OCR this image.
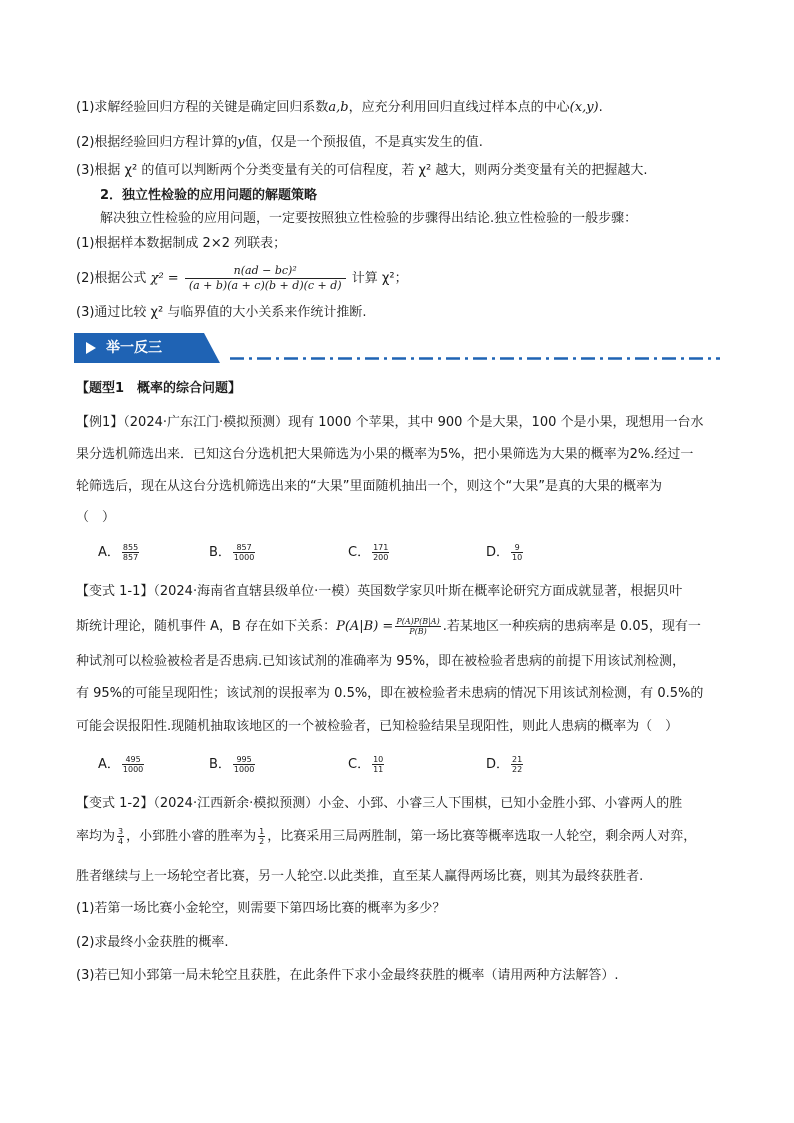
(1)求解经验回归方程的关键是确定回归系数a,b，应充分利用回归直线过样本点的中心(x,y).
(2)根据经验回归方程计算的y值，仅是一个预报值，不是真实发生的值.
(3)根据 χ² 的值可以判断两个分类变量有关的可信程度，若 χ² 越大，则两分类变量有关的把握越大.
2．独立性检验的应用问题的解题策略
解决独立性检验的应用问题，一定要按照独立性检验的步骤得出结论.独立性检验的一般步骤：
(1)根据样本数据制成 2×2 列联表；
(2)根据公式 $\chi^2 = \frac{\text{n(ad − bc)²}}{(a + b)(a + c)(b + d)(c + d)}$ 计算 χ²；
(3)通过比较 χ² 与临界值的大小关系来作统计推断.
举一反三
【题型1　概率的综合问题】
【例1】（2024·广东江门·模拟预测）现有 1000 个苹果，其中 900 个是大果，100 个是小果，现想用一台水
果分选机筛选出来．已知这台分选机把大果筛选为小果的概率为5%，把小果筛选为大果的概率为2%.经过一
轮筛选后，现在从这台分选机筛选出来的“大果”里面随机抽出一个，则这个“大果”是真的大果的概率为
（　）
A． $\frac{855}{857}$	B． $\frac{857}{1000}$	C． $\frac{171}{200}$	D． $\frac{9}{10}$
【变式 1-1】（2024·海南省直辖县级单位·一模）英国数学家贝叶斯在概率论研究方面成就显著，根据贝叶
斯统计理论，随机事件 A，B 存在如下关系：$P(A|B) = \frac{P(A)P(B|A)}{P(B)}$ .若某地区一种疾病的患病率是 0.05，现有一
种试剂可以检验被检者是否患病.已知该试剂的准确率为 95%，即在被检验者患病的前提下用该试剂检测，
有 95%的可能呈现阳性；该试剂的误报率为 0.5%，即在被检验者未患病的情况下用该试剂检测，有 0.5%的
可能会误报阳性.现随机抽取该地区的一个被检验者，已知检验结果呈现阳性，则此人患病的概率为（　）
A． $\frac{495}{1000}$	B． $\frac{995}{1000}$	C． $\frac{10}{11}$	D． $\frac{21}{22}$
【变式 1-2】（2024·江西新余·模拟预测）小金、小郅、小睿三人下围棋，已知小金胜小郅、小睿两人的胜
率均为 $\frac{3}{4}$ ，小郅胜小睿的胜率为 $\frac{1}{2}$ ，比赛采用三局两胜制，第一场比赛等概率选取一人轮空，剩余两人对弈，
胜者继续与上一场轮空者比赛，另一人轮空.以此类推，直至某人赢得两场比赛，则其为最终获胜者.
(1)若第一场比赛小金轮空，则需要下第四场比赛的概率为多少？
(2)求最终小金获胜的概率.
(3)若已知小郅第一局未轮空且获胜，在此条件下求小金最终获胜的概率（请用两种方法解答）.
